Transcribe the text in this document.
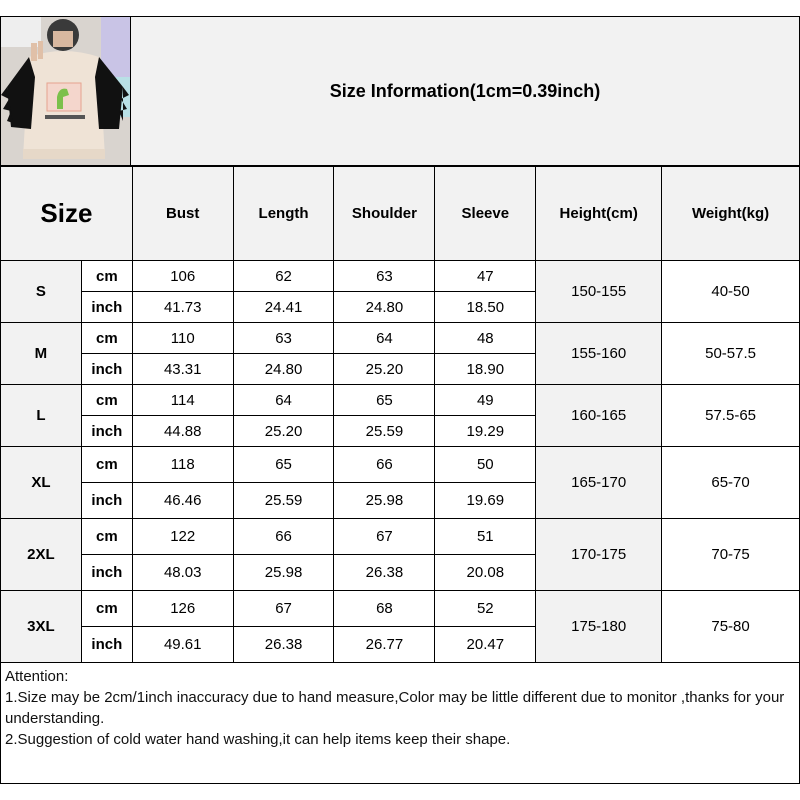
Size Information(1cm=0.39inch)
Size		Bust	Length	Shoulder	Sleeve	Height(cm)	Weight(kg)
S	cm	106	62	63	47	150-155	40-50
	inch	41.73	24.41	24.80	18.50		
M	cm	110	63	64	48	155-160	50-57.5
	inch	43.31	24.80	25.20	18.90		
L	cm	114	64	65	49	160-165	57.5-65
	inch	44.88	25.20	25.59	19.29		
XL	cm	118	65	66	50	165-170	65-70
	inch	46.46	25.59	25.98	19.69		
2XL	cm	122	66	67	51	170-175	70-75
	inch	48.03	25.98	26.38	20.08		
3XL	cm	126	67	68	52	175-180	75-80
	inch	49.61	26.38	26.77	20.47		

Attention:

1.Size may be 2cm/1inch inaccuracy due to hand measure,Color may be little different due to monitor ,thanks for your understanding.

2.Suggestion of cold water hand washing,it can help items keep their shape.
